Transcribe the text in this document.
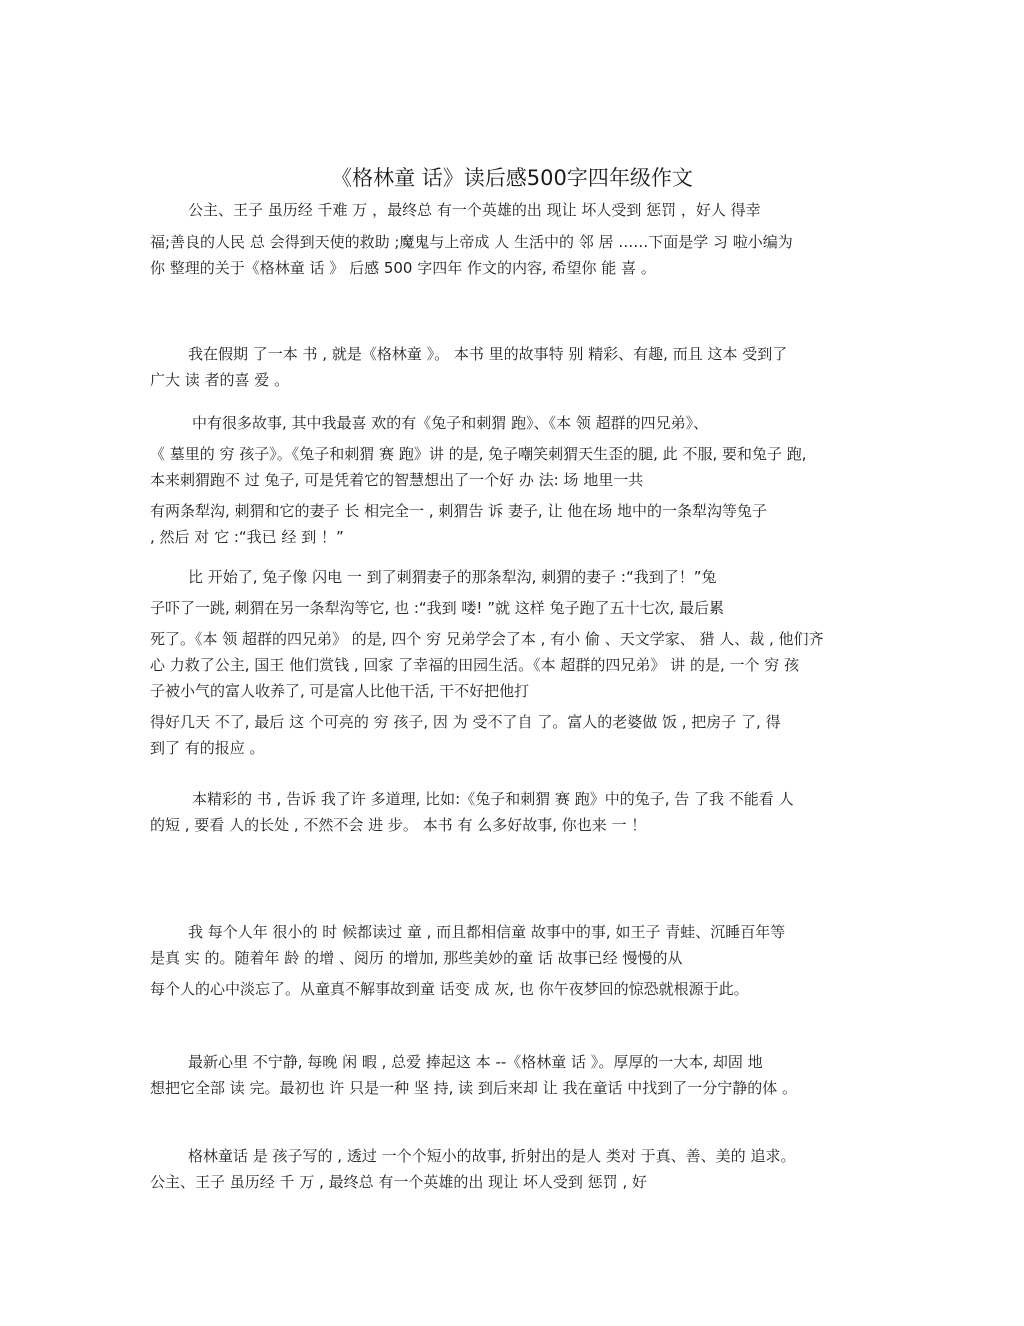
《格林童 话》读后感500字四年级作文
公主、王子 虽历经 千难 万 ，最终总 有一个英雄的出 现让 坏人受到 惩罚 ，好人 得幸
福;善良的人民 总 会得到天使的救助 ;魔鬼与上帝成 人 生活中的 邻 居 ……下面是学 习 啦小编为
你 整理的关于《格林童 话 》 后感 500 字四年 作文的内容, 希望你 能 喜 。
我在假期 了一本 书 , 就是《格林童 》。 本书 里的故事特 别 精彩、有趣, 而且 这本 受到了
广大 读 者的喜 爱 。
中有很多故事, 其中我最喜 欢的有《兔子和刺猬 跑》、《本 领 超群的四兄弟》、
《 墓里的 穷 孩子》。《兔子和刺猬 赛 跑》讲 的是, 兔子嘲笑刺猬天生歪的腿, 此 不服, 要和兔子 跑,
本来刺猬跑不 过 兔子, 可是凭着它的智慧想出了一个好 办 法: 场 地里一共
有两条犁沟, 刺猬和它的妻子 长 相完全一 , 刺猬告 诉 妻子, 让 他在场 地中的一条犁沟等兔子
, 然后 对 它 :“我已 经 到 ！”
比 开始了, 兔子像 闪电 一 到了刺猬妻子的那条犁沟, 刺猬的妻子 :“我到了！”兔
子吓了一跳, 刺猬在另一条犁沟等它, 也 :“我到 喽! ”就 这样 兔子跑了五十七次, 最后累
死了。《本 领 超群的四兄弟》 的是, 四个 穷 兄弟学会了本 , 有小 偷 、天文学家、 猎 人、裁 , 他们齐
心 力救了公主, 国王 他们赏钱 , 回家 了幸福的田园生活。《本 超群的四兄弟》 讲 的是, 一个 穷 孩
子被小气的富人收养了, 可是富人比他干活, 干不好把他打
得好几天 不了, 最后 这 个可亮的 穷 孩子, 因 为 受不了自 了。富人的老婆做 饭 , 把房子 了, 得
到了 有的报应 。
本精彩的 书 , 告诉 我了许 多道理, 比如:《兔子和刺猬 赛 跑》中的兔子, 告 了我 不能看 人
的短 , 要看 人的长处 , 不然不会 进 步。 本书 有 么多好故事, 你也来 一 ！
我 每个人年 很小的 时 候都读过 童 , 而且都相信童 故事中的事, 如王子 青蛙、沉睡百年等
是真 实 的。随着年 龄 的增 、阅历 的增加, 那些美妙的童 话 故事已经 慢慢的从
每个人的心中淡忘了。从童真不解事故到童 话变 成 灰, 也 你午夜梦回的惊恐就根源于此。
最新心里 不宁静, 每晚 闲 暇 , 总爱 捧起这 本 --《格林童 话 》。厚厚的一大本, 却固 地
想把它全部 读 完。最初也 许 只是一种 坚 持, 读 到后来却 让 我在童话 中找到了一分宁静的体 。
格林童话 是 孩子写的 , 透过 一个个短小的故事, 折射出的是人 类对 于真、善、美的 追求。
公主、王子 虽历经 千 万 , 最终总 有一个英雄的出 现让 坏人受到 惩罚 , 好
